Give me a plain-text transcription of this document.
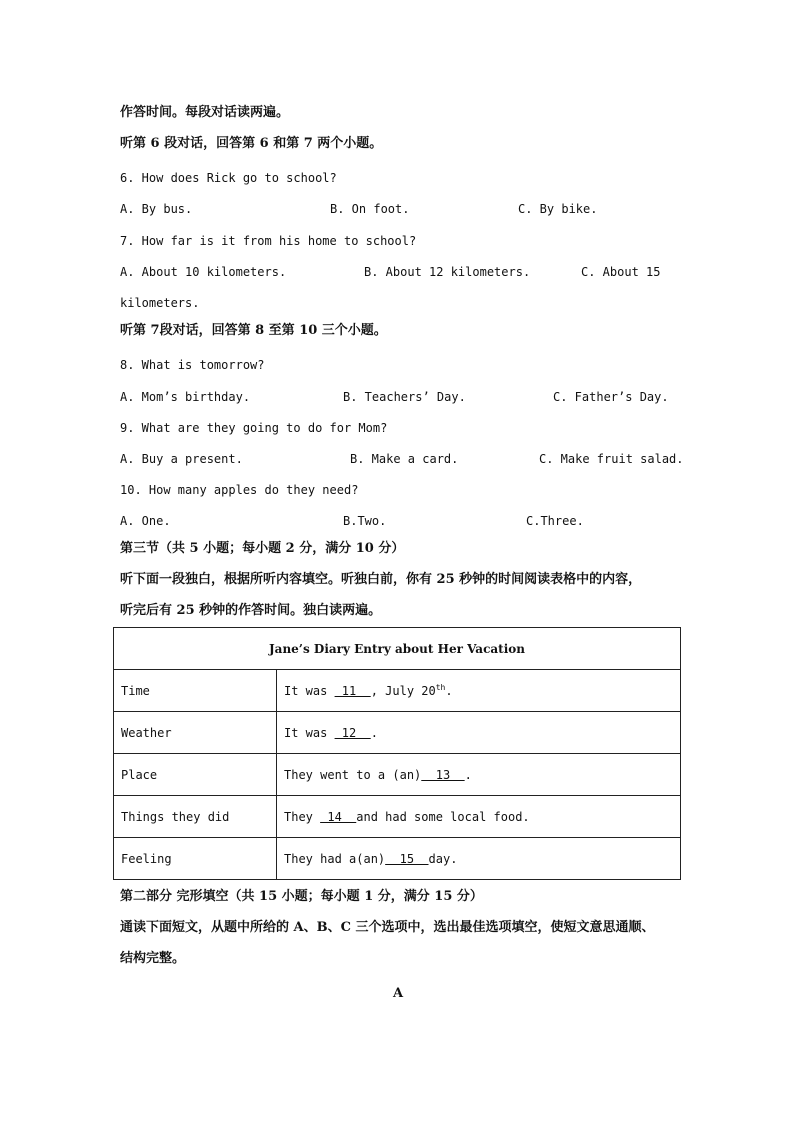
作答时间。每段对话读两遍。
听第 6 段对话，回答第 6 和第 7 两个小题。
6. How does Rick go to school?
A. By bus.	B. On foot.	C. By bike.
7. How far is it from his home to school?
A. About 10 kilometers.	B. About 12 kilometers.	C. About 15
kilometers.
听第 7段对话，回答第 8 至第 10 三个小题。
8. What is tomorrow?
A. Mom’s birthday.	B. Teachers’ Day.	C. Father’s Day.
9. What are they going to do for Mom?
A. Buy a present.	B. Make a card.	C. Make fruit salad.
10. How many apples do they need?
A. One.	B.Two.	C.Three.
第三节（共 5 小题；每小题 2 分，满分 10 分）
听下面一段独白，根据所听内容填空。听独白前，你有 25 秒钟的时间阅读表格中的内容，
听完后有 25 秒钟的作答时间。独白读两遍。
Jane’s Diary Entry about Her Vacation	
Time	It was  11  , July 20th.
Weather	It was  12  .
Place	They went to a (an)  13  .
Things they did	They  14  and had some local food.
Feeling	They had a(an)  15  day.
第二部分 完形填空（共 15 小题；每小题 1 分，满分 15 分）
通读下面短文，从题中所给的 A、B、C 三个选项中，选出最佳选项填空，使短文意思通顺、
结构完整。
A
